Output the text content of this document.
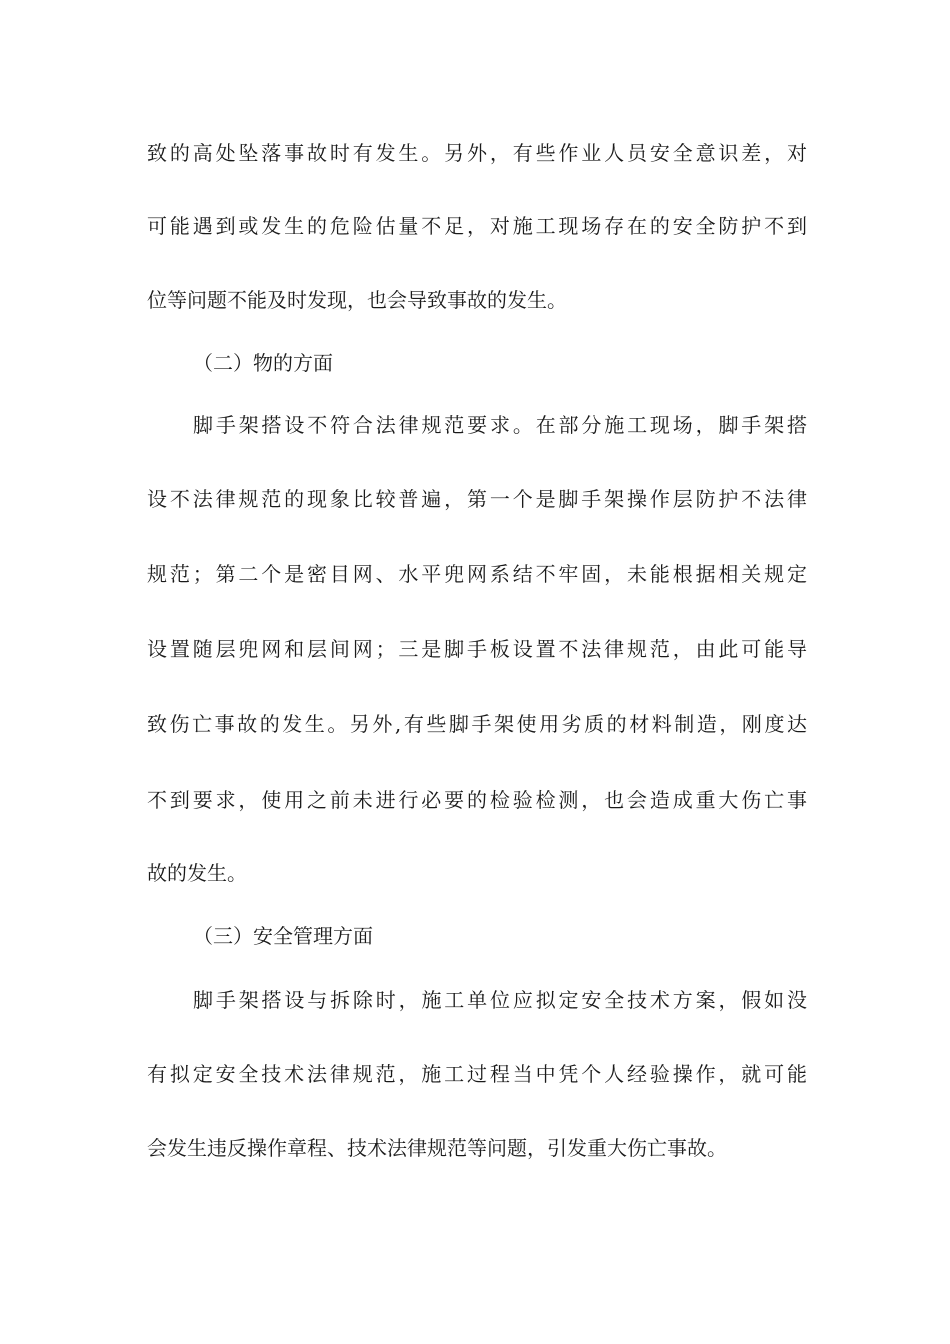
致的高处坠落事故时有发生。另外，有些作业人员安全意识差，对
可能遇到或发生的危险估量不足，对施工现场存在的安全防护不到
位等问题不能及时发现，也会导致事故的发生。
（二）物的方面
脚手架搭设不符合法律规范要求。在部分施工现场，脚手架搭
设不法律规范的现象比较普遍，第一个是脚手架操作层防护不法律
规范；第二个是密目网、水平兜网系结不牢固，未能根据相关规定
设置随层兜网和层间网；三是脚手板设置不法律规范，由此可能导
致伤亡事故的发生。另外,有些脚手架使用劣质的材料制造，刚度达
不到要求，使用之前未进行必要的检验检测，也会造成重大伤亡事
故的发生。
（三）安全管理方面
脚手架搭设与拆除时，施工单位应拟定安全技术方案，假如没
有拟定安全技术法律规范，施工过程当中凭个人经验操作，就可能
会发生违反操作章程、技术法律规范等问题，引发重大伤亡事故。
